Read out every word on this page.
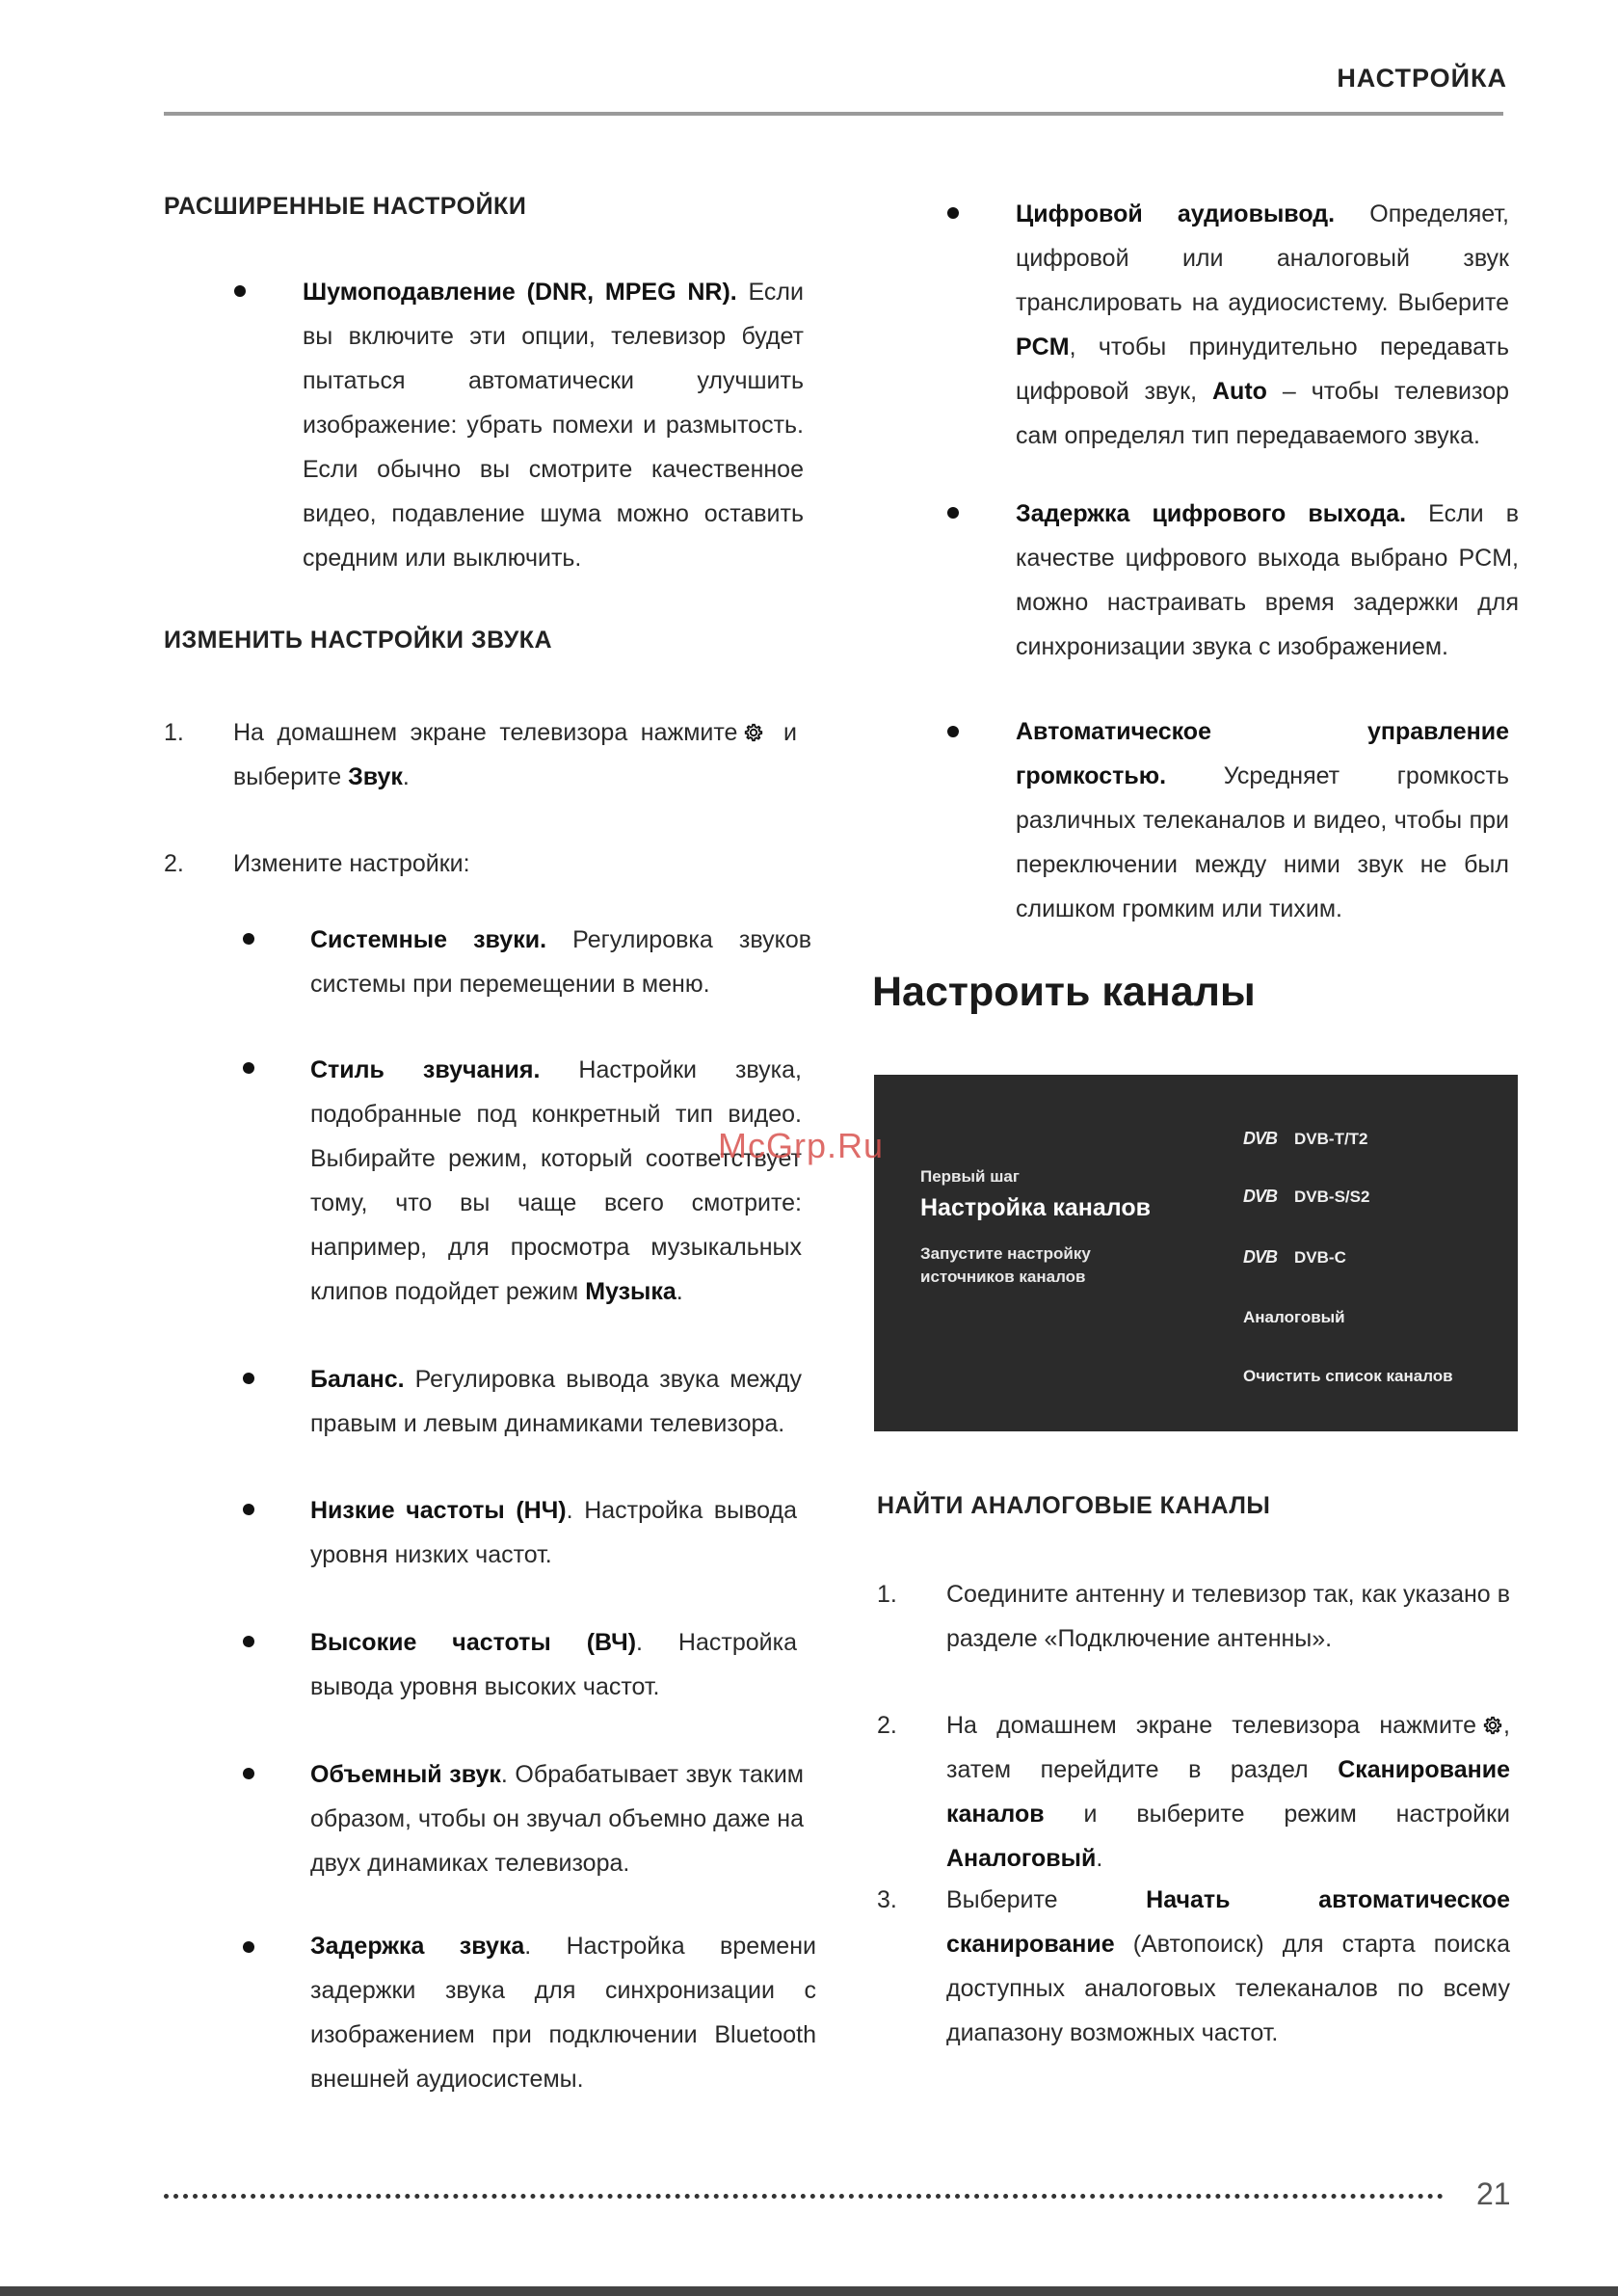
НАСТРОЙКА
РАСШИРЕННЫЕ НАСТРОЙКИ

Шумоподавление (DNR, MPEG NR). Если вы включите эти опции, телевизор будет пытаться автоматически улучшить изображение: убрать помехи и размытость. Если обычно вы смотрите качественное видео, подавление шума можно оставить средним или выключить.

ИЗМЕНИТЬ НАСТРОЙКИ ЗВУКА
1. На домашнем экране телевизора нажмите и выберите Звук.

2. Измените настройки:

Системные звуки. Регулировка звуков системы при перемещении в меню.

Стиль звучания. Настройки звука, подобранные под конкретный тип видео. Выбирайте режим, который соответствует тому, что вы чаще всего смотрите: например, для просмотра музыкальных клипов подойдет режим Музыка.

Баланс. Регулировка вывода звука между правым и левым динамиками телевизора.

Низкие частоты (НЧ). Настройка вывода уровня низких частот.

Высокие частоты (ВЧ). Настройка вывода уровня высоких частот.

Объемный звук. Обрабатывает звук таким образом, чтобы он звучал объемно даже на двух динамиках телевизора.

Задержка звука. Настройка времени задержки звука для синхронизации с изображением при подключении Bluetooth внешней аудиосистемы.

Цифровой аудиовывод. Определяет, цифровой или аналоговый звук транслировать на аудиосистему. Выберите PCM, чтобы принудительно передавать цифровой звук, Auto – чтобы телевизор сам определял тип передаваемого звука.

Задержка цифрового выхода. Если в качестве цифрового выхода выбрано PCM, можно настраивать время задержки для синхронизации звука с изображением.

Автоматическое управление громкостью. Усредняет громкость различных телеканалов и видео, чтобы при переключении между ними звук не был слишком громким или тихим.

Настроить каналы
Первый шаг
Настройка каналов
Запустите настройку источников каналов
DVB DVB-T/T2
DVB DVB-S/S2
DVB DVB-C
Аналоговый
Очистить список каналов
НАЙТИ АНАЛОГОВЫЕ КАНАЛЫ
1. Соедините антенну и телевизор так, как указано в разделе «Подключение антенны».

2. На домашнем экране телевизора нажмите , затем перейдите в раздел Сканирование каналов и выберите режим настройки Аналоговый.

3. Выберите Начать автоматическое сканирование (Автопоиск) для старта поиска доступных аналоговых телеканалов по всему диапазону возможных частот.

McGrp.Ru
21
